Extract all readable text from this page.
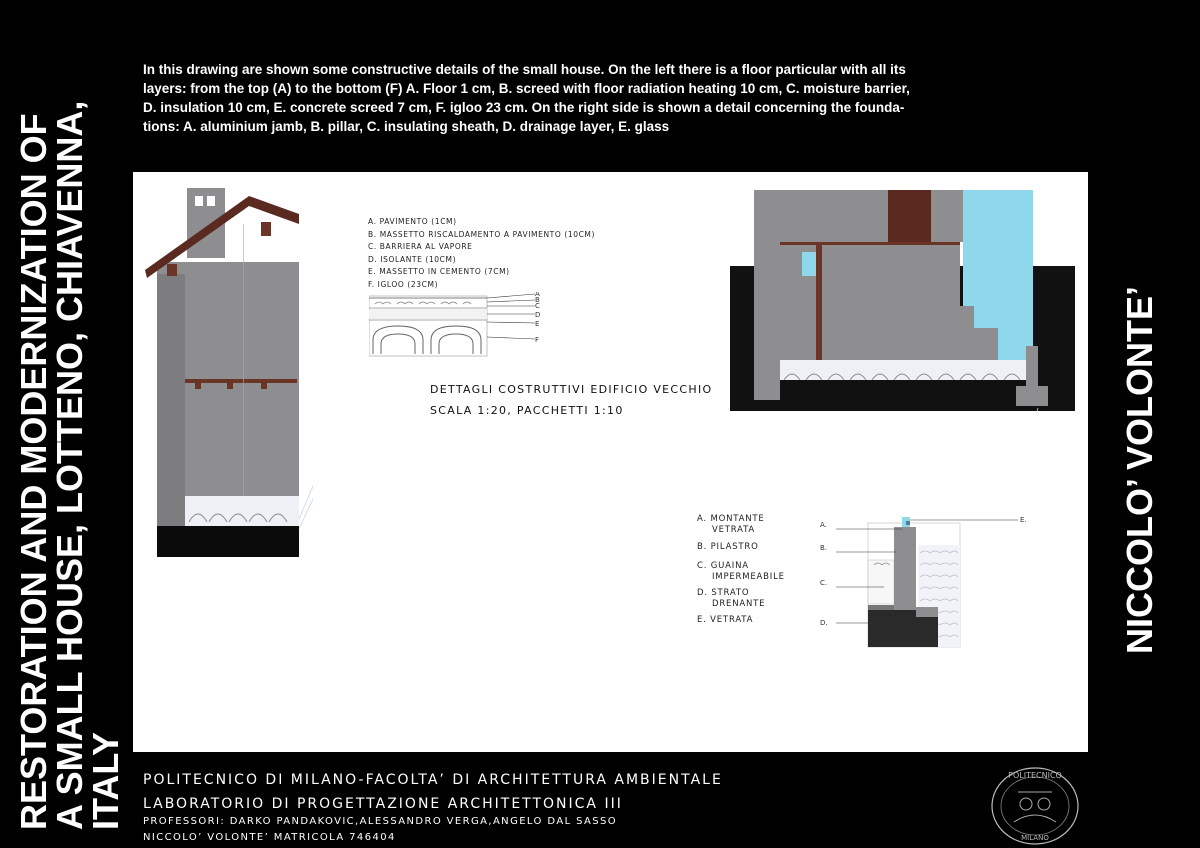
RESTORATION AND MODERNIZATION OF
A SMALL HOUSE, LOTTENO, CHIAVENNA,
ITALY
NICCOLO’ VOLONTE’
In this drawing are shown some constructive details of the small house. On the left there is a floor particular with all its
layers: from the top (A) to the bottom (F) A. Floor 1 cm, B. screed with floor radiation heating 10 cm, C. moisture barrier,
D. insulation 10 cm, E. concrete screed 7 cm, F. igloo 23 cm. On the right side is shown a detail concerning the founda-
tions: A. aluminium jamb, B. pillar, C. insulating sheath, D. drainage layer, E. glass
A. PAVIMENTO (1CM)
B. MASSETTO RISCALDAMENTO A PAVIMENTO (10CM)
C. BARRIERA AL VAPORE
D. ISOLANTE (10CM)
E. MASSETTO IN CEMENTO (7CM)
F. IGLOO (23CM)
A
B
C
D
E
F
DETTAGLI COSTRUTTIVI EDIFICIO VECCHIO
SCALA 1:20, PACCHETTI 1:10
A.
B.
C.
D.
E.
A. MONTANTE
VETRATA
B. PILASTRO
C. GUAINA
IMPERMEABILE
D. STRATO
DRENANTE
E. VETRATA
POLITECNICO DI MILANO-FACOLTA’ DI ARCHITETTURA AMBIENTALE
LABORATORIO DI PROGETTAZIONE ARCHITETTONICA III
PROFESSORI: DARKO PANDAKOVIC,ALESSANDRO VERGA,ANGELO DAL SASSO
NICCOLO’ VOLONTE’ MATRICOLA 746404
POLITECNICO
MILANO
